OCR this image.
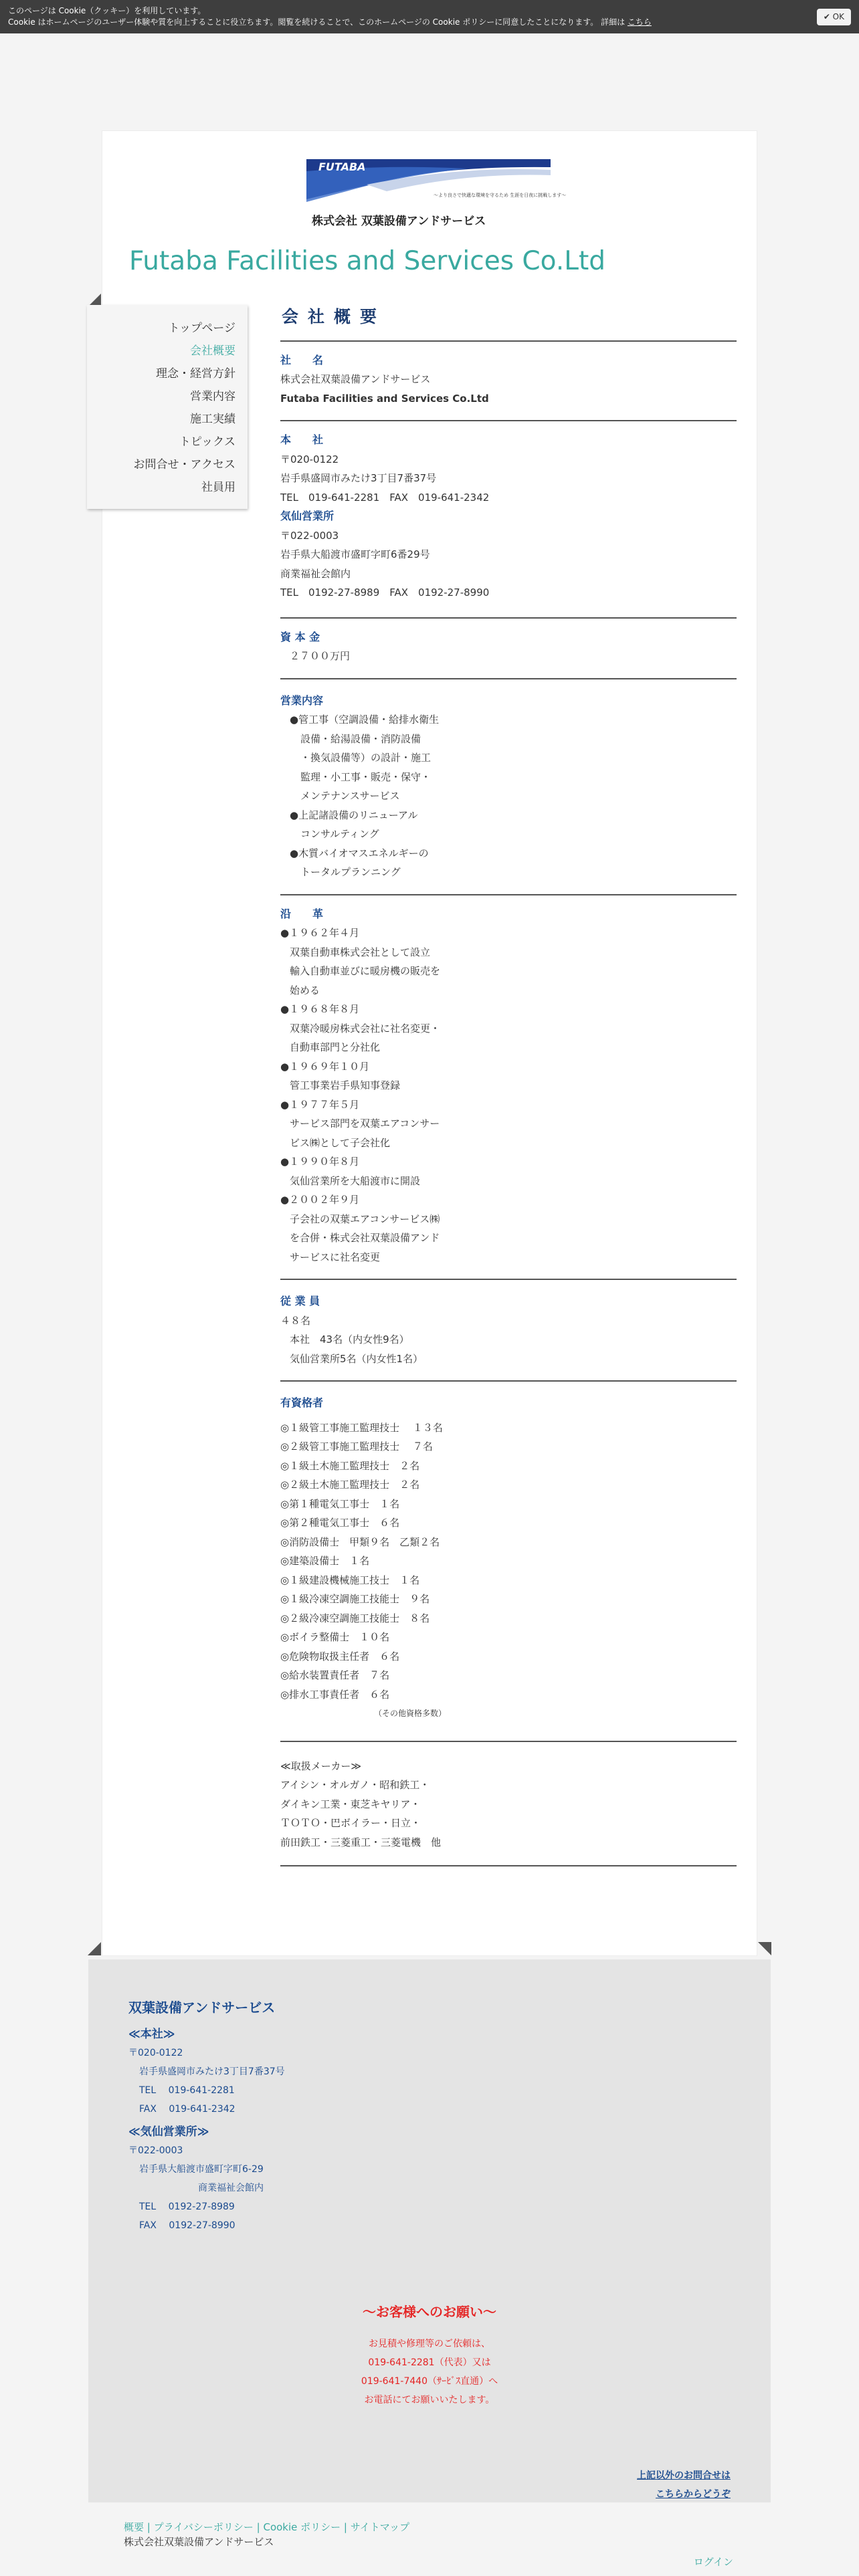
このページは Cookie（クッキー）を利用しています。
Cookie はホームページのユーザー体験や質を向上することに役立ちます。閲覧を続けることで、このホームページの Cookie ポリシーに同意したことになります。 詳細は こちら
✔ OK
FUTABA
〜より良さで快適な環境を守るため 生涯を日夜に挑戦します〜
株式会社 双葉設備アンドサービス
Futaba Facilities and Services Co.Ltd
トップページ
会社概要
理念・経営方針
営業内容
施工実績
トピックス
お問合せ・アクセス
社員用
会社概要
社　　名
株式会社双葉設備アンドサービス
Futaba Facilities and Services Co.Ltd
本　　社
〒020-0122
岩手県盛岡市みたけ3丁目7番37号
TEL　019-641-2281　FAX　019-641-2342
気仙営業所
〒022-0003
岩手県大船渡市盛町字町6番29号
商業福祉会館内
TEL　0192-27-8989　FAX　0192-27-8990
資 本 金
２７００万円
営業内容
●管工事（空調設備・給排水衛生
設備・給湯設備・消防設備
・換気設備等）の設計・施工
監理・小工事・販売・保守・
メンテナンスサービス
●上記諸設備のリニューアル
コンサルティング
●木質バイオマスエネルギーの
トータルプランニング
沿　　革
●１９６２年４月
双葉自動車株式会社として設立
輸入自動車並びに暖房機の販売を
始める
●１９６８年８月
双葉冷暖房株式会社に社名変更・
自動車部門と分社化
●１９６９年１０月
管工事業岩手県知事登録
●１９７７年５月
サービス部門を双葉エアコンサー
ビス㈱として子会社化
●１９９０年８月
気仙営業所を大船渡市に開設
●２００２年９月
子会社の双葉エアコンサービス㈱
を合併・株式会社双葉設備アンド
サービスに社名変更
従 業 員
４８名
本社　43名（内女性9名）
気仙営業所5名（内女性1名）
有資格者
◎１級管工事施工監理技士　 １３名
◎２級管工事施工監理技士　 ７名
◎１級土木施工監理技士　２名
◎２級土木施工監理技士　２名
◎第１種電気工事士　１名
◎第２種電気工事士　６名
◎消防設備士　甲類９名　乙類２名
◎建築設備士　１名
◎１級建設機械施工技士　１名
◎１級冷凍空調施工技能士　９名
◎２級冷凍空調施工技能士　８名
◎ボイラ整備士　１０名
◎危険物取扱主任者　６名
◎給水装置責任者　７名
◎排水工事責任者　６名
（その他資格多数）
≪取扱メーカー≫
アイシン・オルガノ・昭和鉄工・
ダイキン工業・東芝キヤリア・
ＴＯＴＯ・巴ボイラー・日立・
前田鉄工・三菱重工・三菱電機　他
双葉設備アンドサービス
≪本社≫
〒020-0122
岩手県盛岡市みたけ3丁目7番37号
TEL　 019-641-2281
FAX　 019-641-2342
≪気仙営業所≫
〒022-0003
岩手県大船渡市盛町字町6-29
商業福祉会館内
TEL　 0192-27-8989
FAX　 0192-27-8990
〜お客様へのお願い〜
お見積や修理等のご依頼は、
019-641-2281（代表）又は
019-641-7440（ｻｰﾋﾞｽ直通）へ
お電話にてお願いいたします。
上記以外のお問合せは
こちらからどうぞ
概要 | プライバシーポリシー | Cookie ポリシー | サイトマップ
株式会社双葉設備アンドサービス
ログイン
